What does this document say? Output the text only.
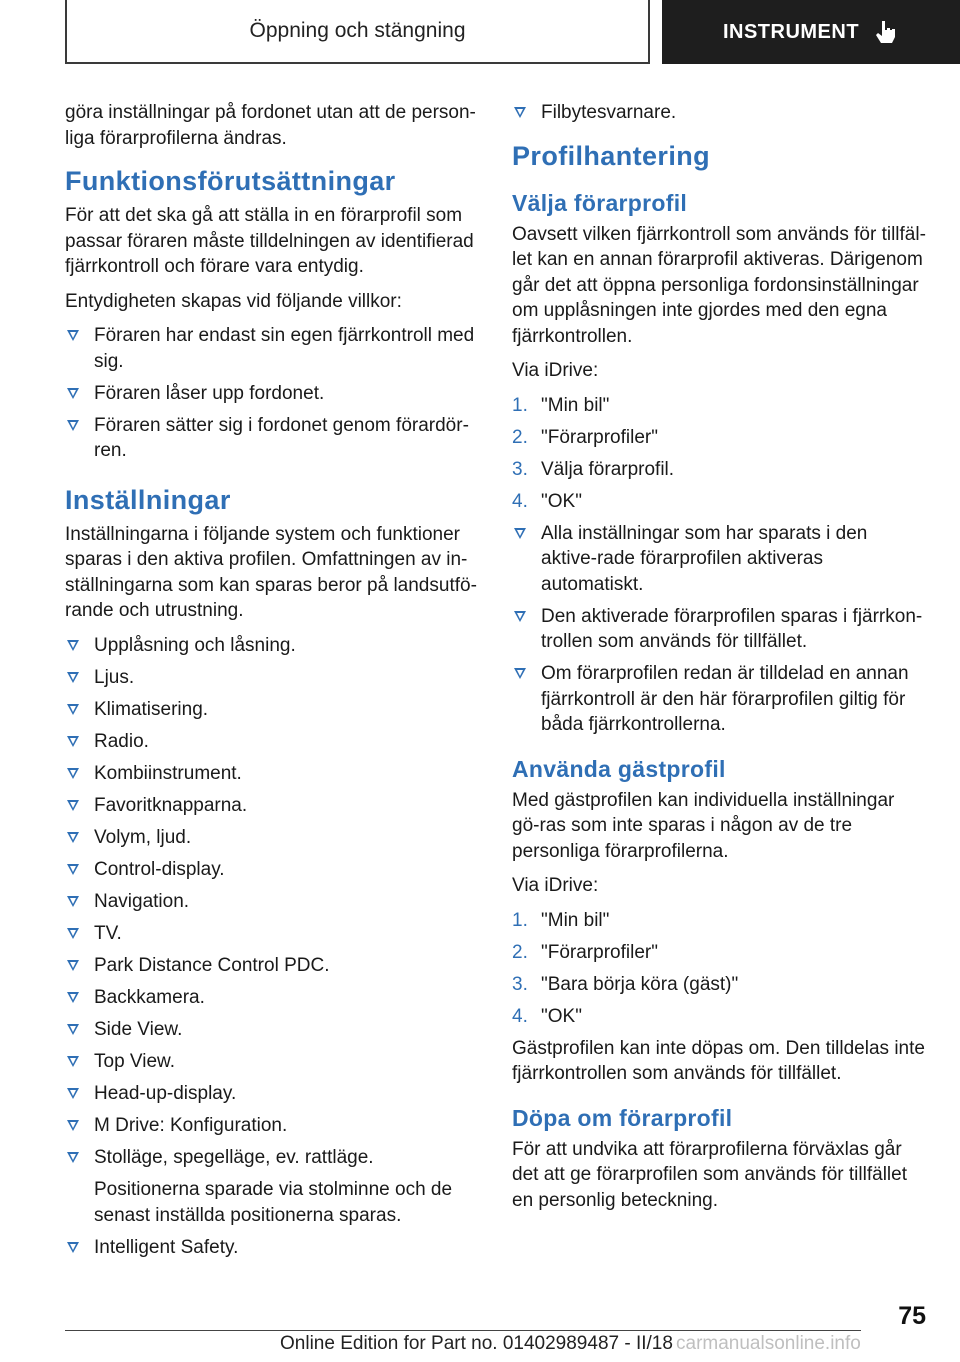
Öppning och stängning	INSTRUMENT

göra inställningar på fordonet utan att de person-liga förarprofilerna ändras.

Funktionsförutsättningar

För att det ska gå att ställa in en förarprofil som passar föraren måste tilldelningen av identifierad fjärrkontroll och förare vara entydig.

Entydigheten skapas vid följande villkor:

Föraren har endast sin egen fjärrkontroll med sig.
Föraren låser upp fordonet.
Föraren sätter sig i fordonet genom förardör-ren.
Inställningar

Inställningarna i följande system och funktioner sparas i den aktiva profilen. Omfattningen av in-ställningarna som kan sparas beror på landsutfö-rande och utrustning.

Upplåsning och låsning.
Ljus.
Klimatisering.
Radio.
Kombiinstrument.
Favoritknapparna.
Volym, ljud.
Control-display.
Navigation.
TV.
Park Distance Control PDC.
Backkamera.
Side View.
Top View.
Head-up-display.
M Drive: Konfiguration.
Stolläge, spegelläge, ev. rattläge.
Positionerna sparade via stolminne och de senast inställda positionerna sparas.
Intelligent Safety.
Filbytesvarnare.
Profilhantering
Välja förarprofil

Oavsett vilken fjärrkontroll som används för tillfäl-let kan en annan förarprofil aktiveras. Därigenom går det att öppna personliga fordonsinställningar om upplåsningen inte gjordes med den egna fjärrkontrollen.

Via iDrive:

1. "Min bil"
2. "Förarprofiler"
3. Välja förarprofil.
4. "OK"
Alla inställningar som har sparats i den aktive-rade förarprofilen aktiveras automatiskt.
Den aktiverade förarprofilen sparas i fjärrkon-trollen som används för tillfället.
Om förarprofilen redan är tilldelad en annan fjärrkontroll är den här förarprofilen giltig för båda fjärrkontrollerna.
Använda gästprofil

Med gästprofilen kan individuella inställningar gö-ras som inte sparas i någon av de tre personliga förarprofilerna.

Via iDrive:

1. "Min bil"
2. "Förarprofiler"
3. "Bara börja köra (gäst)"
4. "OK"

Gästprofilen kan inte döpas om. Den tilldelas inte fjärrkontrollen som används för tillfället.

Döpa om förarprofil

För att undvika att förarprofilerna förväxlas går det att ge förarprofilen som används för tillfället en personlig beteckning.

75
Online Edition for Part no. 01402989487 - II/18 carmanualsonline.info
